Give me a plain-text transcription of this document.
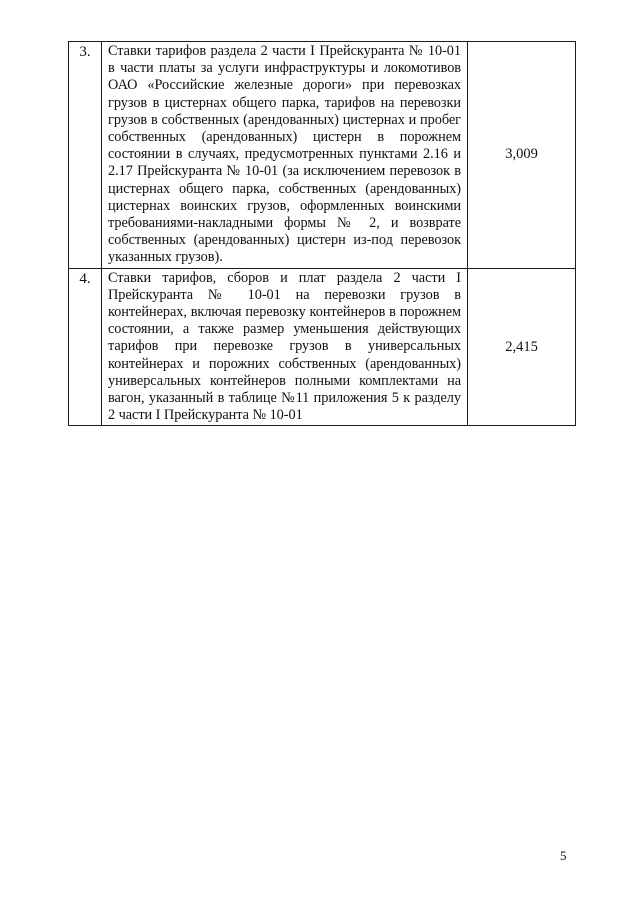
3.	Ставки тарифов раздела 2 части I Прейскуранта № 10-01 в части платы за услуги инфраструктуры и локомотивов ОАО «Российские железные дороги» при перевозках грузов в цистернах общего парка, тарифов на перевозки грузов в собственных (арендованных) цистернах и пробег собственных (арендованных) цистерн в порожнем состоянии в случаях, предусмотренных пунктами 2.16 и 2.17 Прейскуранта № 10-01 (за исключением перевозок в цистернах общего парка, собственных (арендованных) цистернах воинских грузов, оформленных воинскими требованиями-накладными формы № 2, и возврате собственных (арендованных) цистерн из-под перевозок указанных грузов).	3,009
4.	Ставки тарифов, сборов и плат раздела 2 части I Прейскуранта № 10-01 на перевозки грузов в контейнерах, включая перевозку контейнеров в порожнем состоянии, а также размер уменьшения действующих тарифов при перевозке грузов в универсальных контейнерах и порожних собственных (арендованных) универсальных контейнеров полными комплектами на вагон, указанный в таблице №11 приложения 5 к разделу 2 части I Прейскуранта № 10-01	2,415
5
